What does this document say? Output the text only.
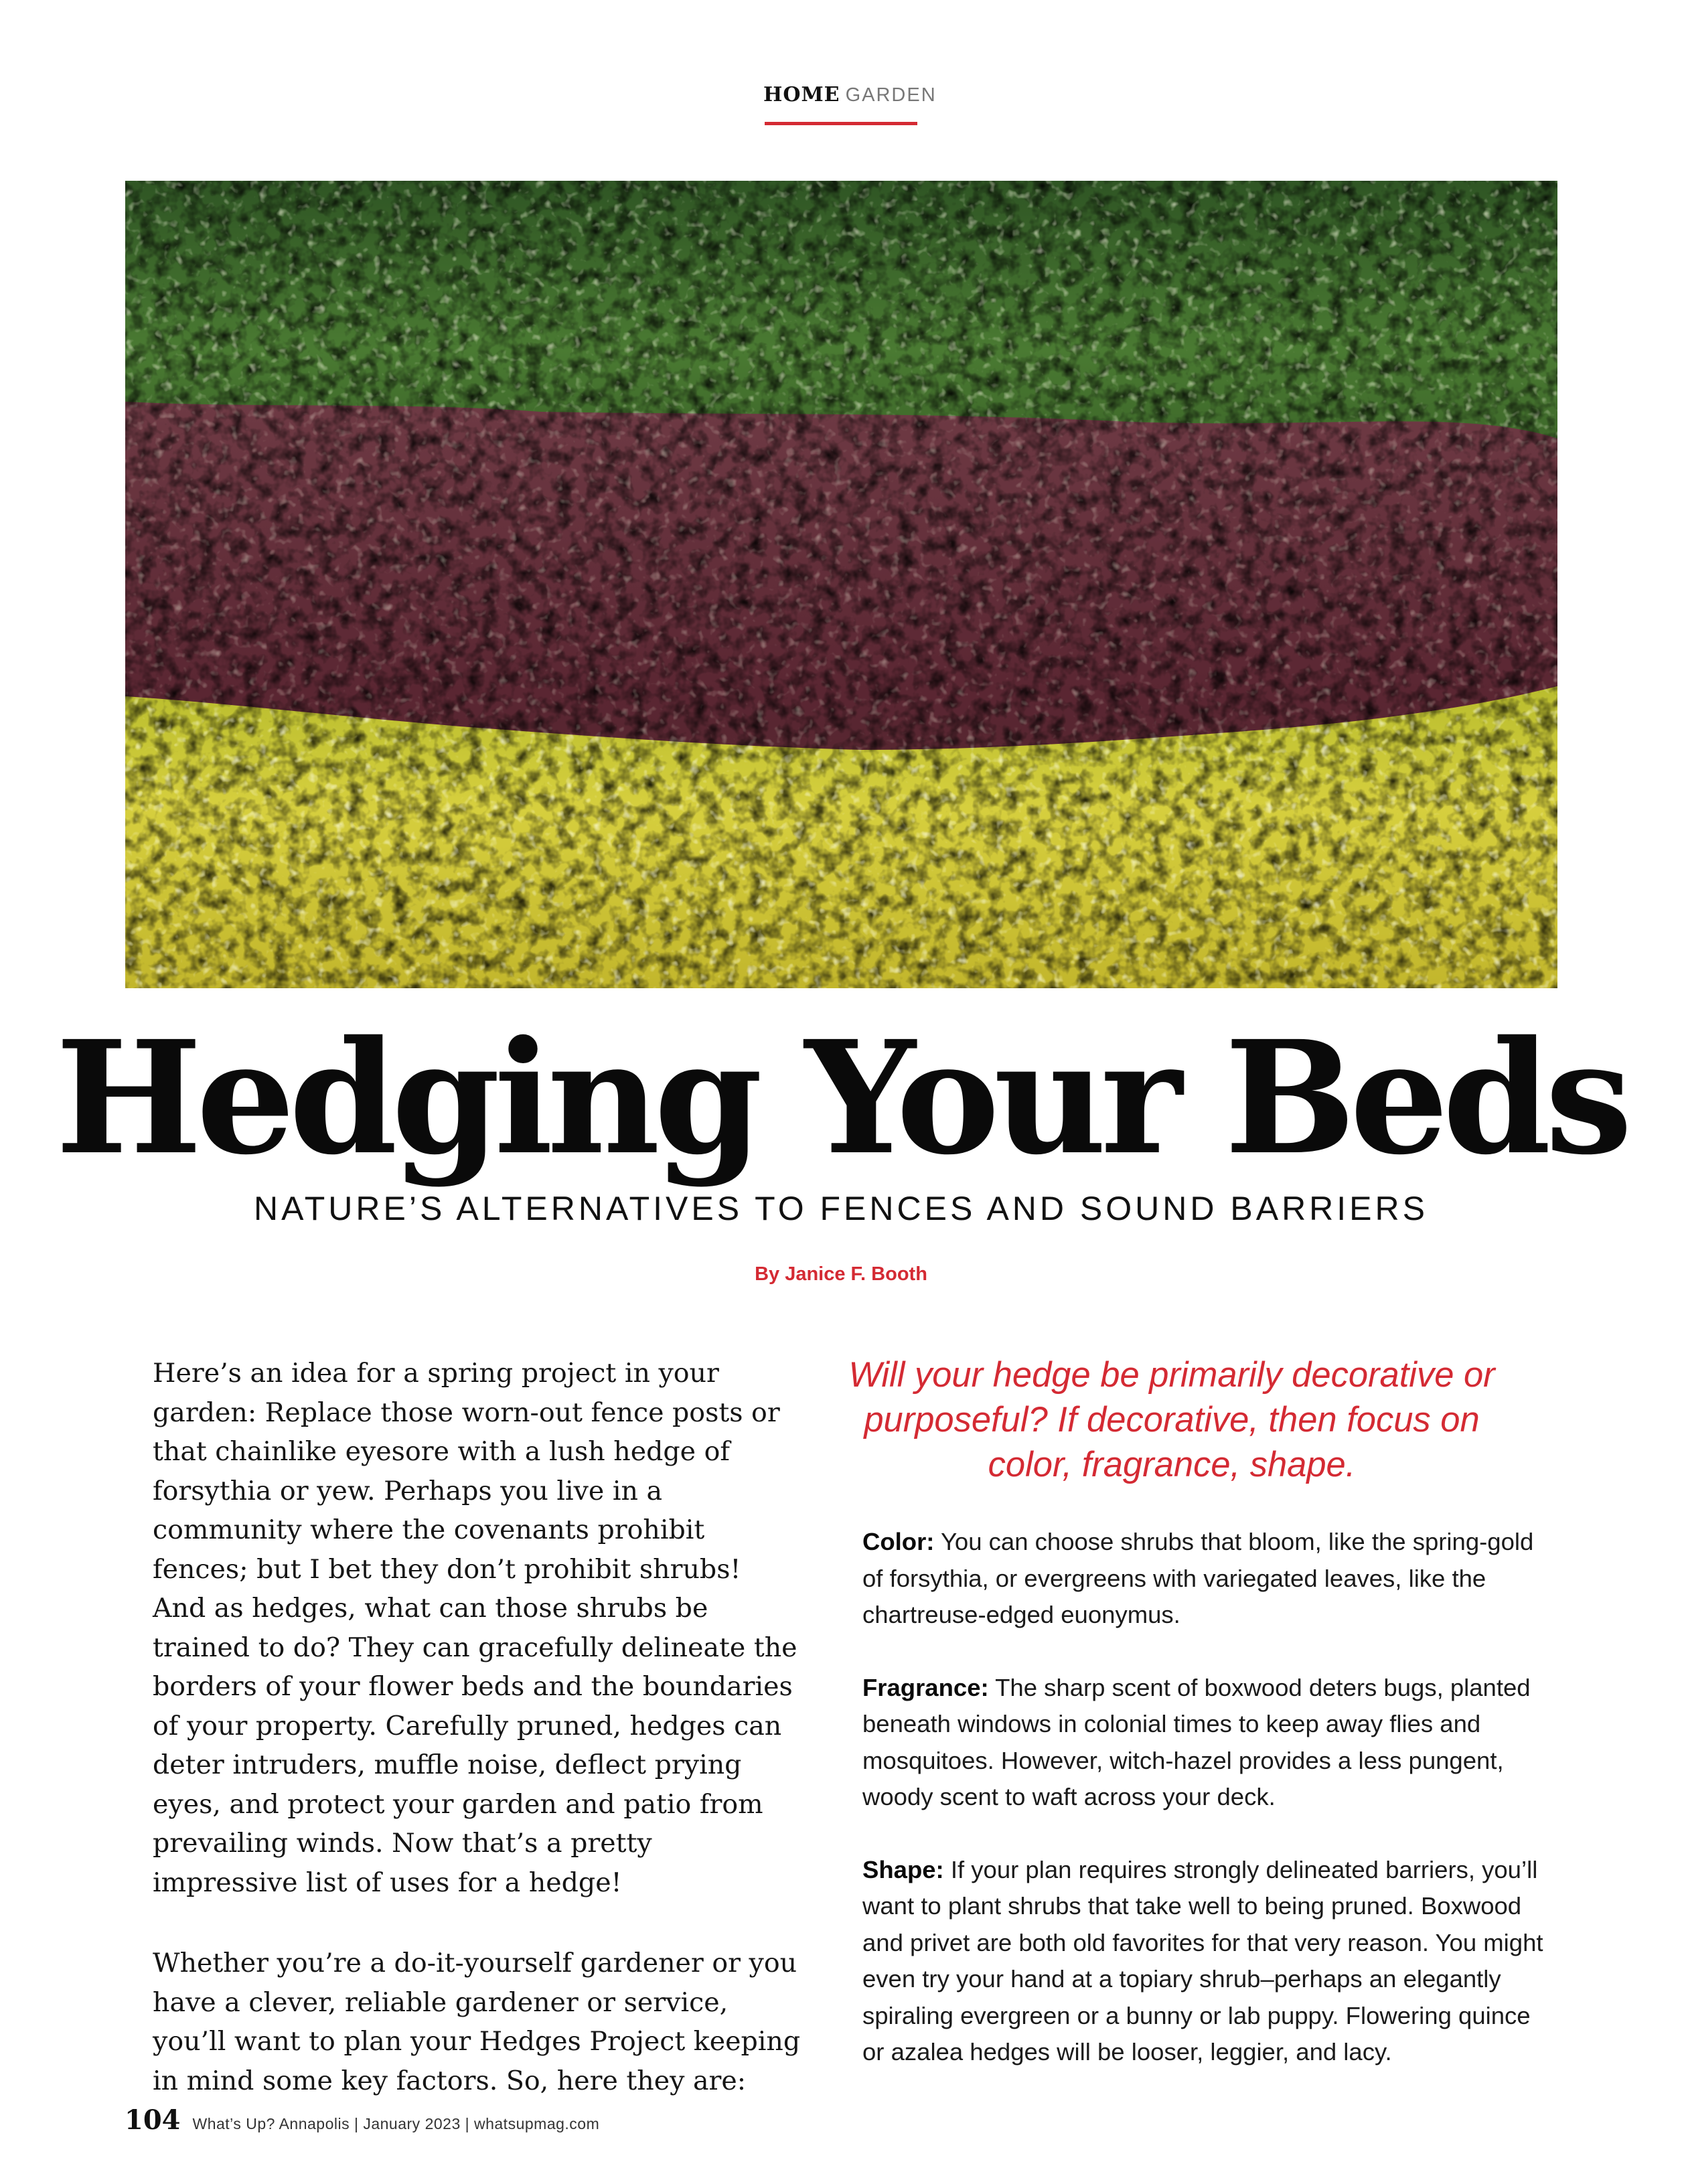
HOME GARDEN
Hedging Your Beds
NATURE’S ALTERNATIVES TO FENCES AND SOUND BARRIERS
By Janice F. Booth

Here’s an idea for a spring project in your garden: Replace those worn-out fence posts or that chainlike eyesore with a lush hedge of forsythia or yew. Perhaps you live in a community where the covenants prohibit fences; but I bet they don’t prohibit shrubs! And as hedges, what can those shrubs be trained to do? They can gracefully delineate the borders of your flower beds and the boundaries of your property. Carefully pruned, hedges can deter intruders, muffle noise, deflect prying eyes, and protect your garden and patio from prevailing winds. Now that’s a pretty impressive list of uses for a hedge!

Whether you’re a do-it-yourself gardener or you have a clever, reliable gardener or service, you’ll want to plan your Hedges Project keeping in mind some key factors. So, here they are:

Will your hedge be primarily decorative or purposeful? If decorative, then focus on color, fragrance, shape.

Color: You can choose shrubs that bloom, like the spring-gold of forsythia, or evergreens with variegated leaves, like the chartreuse-edged euonymus.

Fragrance: The sharp scent of boxwood deters bugs, planted beneath windows in colonial times to keep away flies and mosquitoes. However, witch-hazel provides a less pungent, woody scent to waft across your deck.

Shape: If your plan requires strongly delineated barriers, you’ll want to plant shrubs that take well to being pruned. Boxwood and privet are both old favorites for that very reason. You might even try your hand at a topiary shrub–perhaps an elegantly spiraling evergreen or a bunny or lab puppy. Flowering quince or azalea hedges will be looser, leggier, and lacy.

104 What’s Up? Annapolis | January 2023 | whatsupmag.com
